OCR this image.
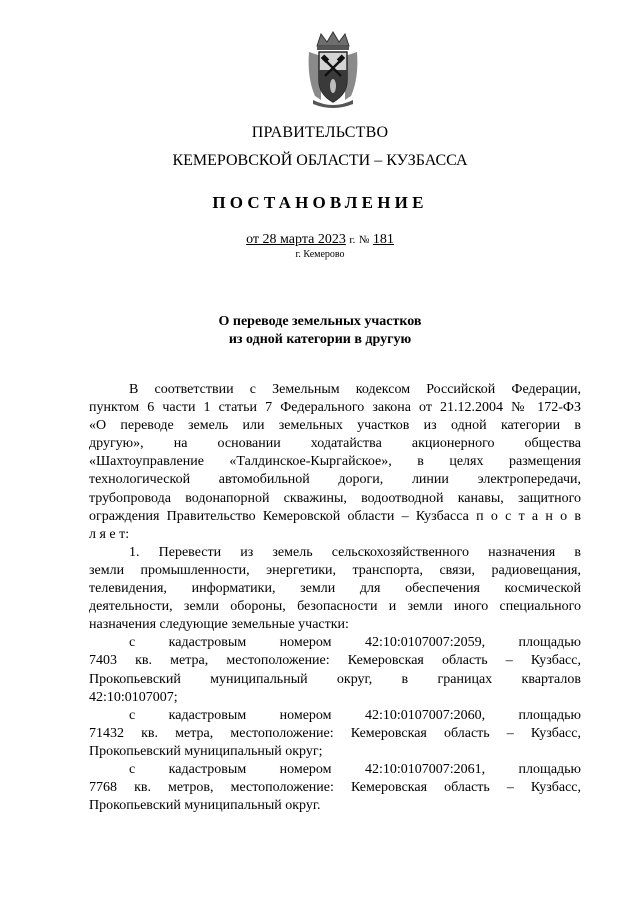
ПРАВИТЕЛЬСТВО
КЕМЕРОВСКОЙ ОБЛАСТИ – КУЗБАССА
ПОСТАНОВЛЕНИЕ
от 28 марта 2023 г. № 181
г. Кемерово
О переводе земельных участков
из одной категории в другую
В соответствии с Земельным кодексом Российской Федерации,
пунктом 6 части 1 статьи 7 Федерального закона от 21.12.2004 № 172-ФЗ
«О переводе земель или земельных участков из одной категории в
другую», на основании ходатайства акционерного общества
«Шахтоуправление «Талдинское-Кыргайское», в целях размещения
технологической автомобильной дороги, линии электропередачи,
трубопровода водонапорной скважины, водоотводной канавы, защитного
ограждения Правительство Кемеровской области – Кузбасса п о с т а н о в
л я е т:
1. Перевести из земель сельскохозяйственного назначения в
земли промышленности, энергетики, транспорта, связи, радиовещания,
телевидения, информатики, земли для обеспечения космической
деятельности, земли обороны, безопасности и земли иного специального
назначения следующие земельные участки:
с кадастровым номером 42:10:0107007:2059, площадью
7403 кв. метра, местоположение: Кемеровская область – Кузбасс,
Прокопьевский муниципальный округ, в границах кварталов
42:10:0107007;
с кадастровым номером 42:10:0107007:2060, площадью
71432 кв. метра, местоположение: Кемеровская область – Кузбасс,
Прокопьевский муниципальный округ;
с кадастровым номером 42:10:0107007:2061, площадью
7768 кв. метров, местоположение: Кемеровская область – Кузбасс,
Прокопьевский муниципальный округ.
